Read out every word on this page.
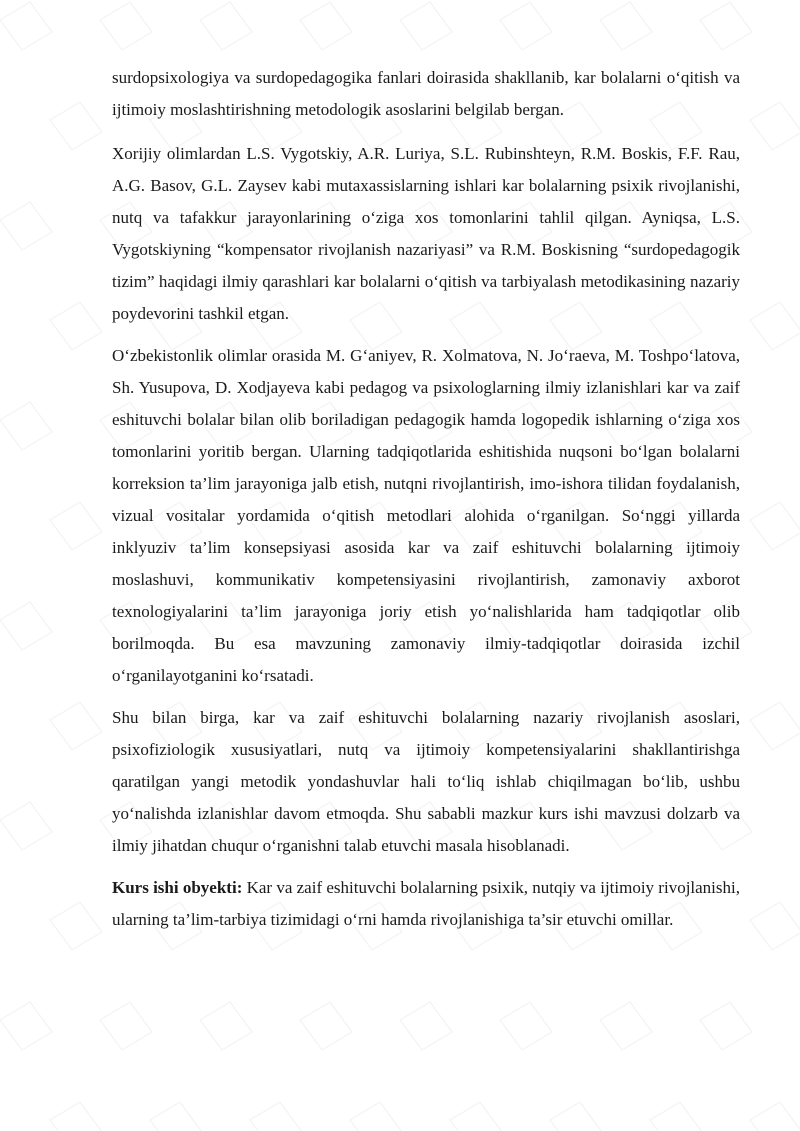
surdopsixologiya va surdopedagogika fanlari doirasida shakllanib, kar bolalarni o‘qitish va ijtimoiy moslashtirishning metodologik asoslarini belgilab bergan.

Xorijiy olimlardan L.S. Vygotskiy, A.R. Luriya, S.L. Rubinshteyn, R.M. Boskis, F.F. Rau, A.G. Basov, G.L. Zaysev kabi mutaxassislarning ishlari kar bolalarning psixik rivojlanishi, nutq va tafakkur jarayonlarining o‘ziga xos tomonlarini tahlil qilgan. Ayniqsa, L.S. Vygotskiyning “kompensator rivojlanish nazariyasi” va R.M. Boskisning “surdopedagogik tizim” haqidagi ilmiy qarashlari kar bolalarni o‘qitish va tarbiyalash metodikasining nazariy poydevorini tashkil etgan.

O‘zbekistonlik olimlar orasida M. G‘aniyev, R. Xolmatova, N. Jo‘raeva, M. Toshpo‘latova, Sh. Yusupova, D. Xodjayeva kabi pedagog va psixologlarning ilmiy izlanishlari kar va zaif eshituvchi bolalar bilan olib boriladigan pedagogik hamda logopedik ishlarning o‘ziga xos tomonlarini yoritib bergan. Ularning tadqiqotlarida eshitishida nuqsoni bo‘lgan bolalarni korreksion ta’lim jarayoniga jalb etish, nutqni rivojlantirish, imo-ishora tilidan foydalanish, vizual vositalar yordamida o‘qitish metodlari alohida o‘rganilgan. So‘nggi yillarda inklyuziv ta’lim konsepsiyasi asosida kar va zaif eshituvchi bolalarning ijtimoiy moslashuvi, kommunikativ kompetensiyasini rivojlantirish, zamonaviy axborot texnologiyalarini ta’lim jarayoniga joriy etish yo‘nalishlarida ham tadqiqotlar olib borilmoqda. Bu esa mavzuning zamonaviy ilmiy-tadqiqotlar doirasida izchil o‘rganilayotganini ko‘rsatadi.

Shu bilan birga, kar va zaif eshituvchi bolalarning nazariy rivojlanish asoslari, psixofiziologik xususiyatlari, nutq va ijtimoiy kompetensiyalarini shakllantirishga qaratilgan yangi metodik yondashuvlar hali to‘liq ishlab chiqilmagan bo‘lib, ushbu yo‘nalishda izlanishlar davom etmoqda. Shu sababli mazkur kurs ishi mavzusi dolzarb va ilmiy jihatdan chuqur o‘rganishni talab etuvchi masala hisoblanadi.

Kurs ishi obyekti: Kar va zaif eshituvchi bolalarning psixik, nutqiy va ijtimoiy rivojlanishi, ularning ta’lim-tarbiya tizimidagi o‘rni hamda rivojlanishiga ta’sir etuvchi omillar.
